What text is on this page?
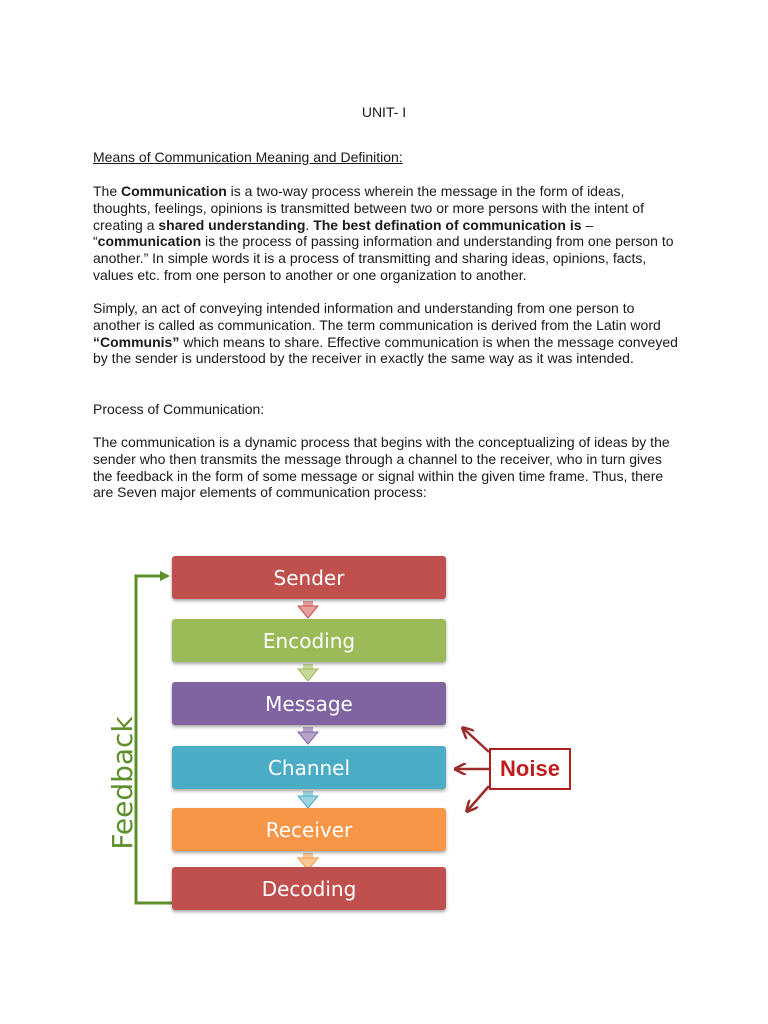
UNIT- I
Means of Communication Meaning and Definition:
The Communication is a two-way process wherein the message in the form of ideas, thoughts, feelings, opinions is transmitted between two or more persons with the intent of creating a shared understanding. The best defination of communication is – “communication is the process of passing information and understanding from one person to another.” In simple words it is a process of transmitting and sharing ideas, opinions, facts, values etc. from one person to another or one organization to another.
Simply, an act of conveying intended information and understanding from one person to another is called as communication. The term communication is derived from the Latin word “Communis” which means to share. Effective communication is when the message conveyed by the sender is understood by the receiver in exactly the same way as it was intended.
Process of Communication:
The communication is a dynamic process that begins with the conceptualizing of ideas by the sender who then transmits the message through a channel to the receiver, who in turn gives the feedback in the form of some message or signal within the given time frame. Thus, there are Seven major elements of communication process:
Sender
Encoding
Message
Channel
Receiver
Decoding
Feedback	Noise
